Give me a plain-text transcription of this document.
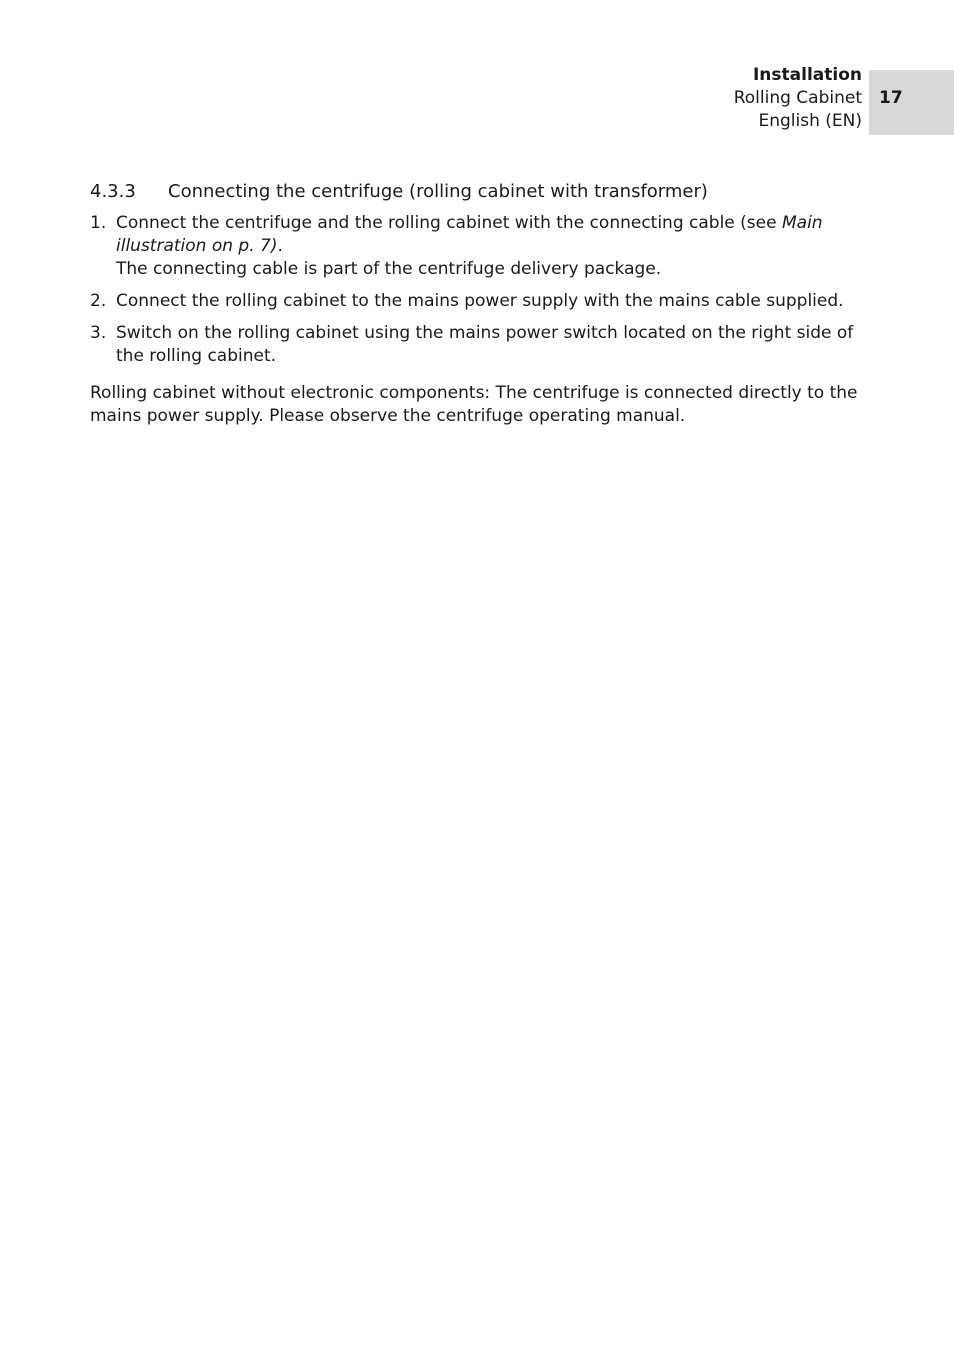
Installation
Rolling Cabinet
English (EN)
17
4.3.3	Connecting the centrifuge (rolling cabinet with transformer)
1. Connect the centrifuge and the rolling cabinet with the connecting cable (see Main illustration on p. 7).
The connecting cable is part of the centrifuge delivery package.
2. Connect the rolling cabinet to the mains power supply with the mains cable supplied.
3. Switch on the rolling cabinet using the mains power switch located on the right side of the rolling cabinet.

Rolling cabinet without electronic components: The centrifuge is connected directly to the mains power supply. Please observe the centrifuge operating manual.
